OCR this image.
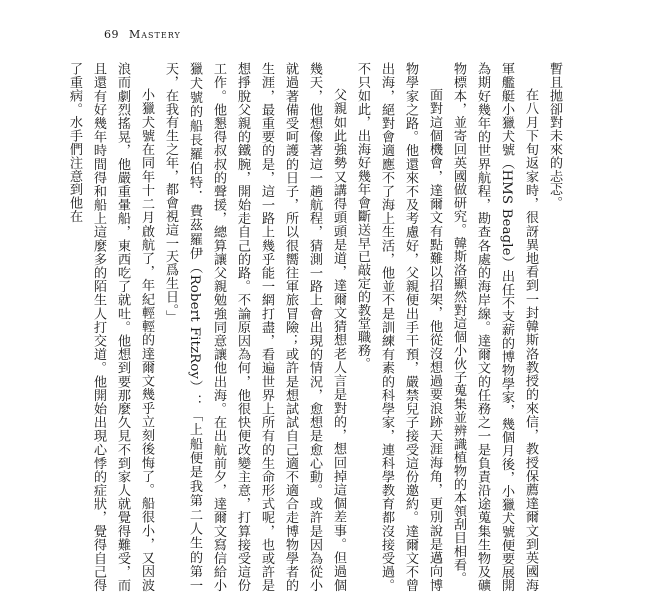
69 Mastery

暫且拋卻對未來的忐忑。

在八月下旬返家時，很訝異地看到一封韓斯洛教授的來信，教授保薦達爾文到英國海軍艦艇小獵犬號（HMS Beagle）出任不支薪的博物學家，幾個月後，小獵犬號便要展開為期好幾年的世界航程，勘查各處的海岸線。達爾文的任務之一是負責沿途蒐集生物及礦物標本，並寄回英國做研究。韓斯洛顯然對這個小伙子蒐集並辨識植物的本領刮目相看。

面對這個機會，達爾文有點難以招架，他從沒想過要浪跡天涯海角，更別說是邁向博物學家之路。他還來不及考慮好，父親便出手干預，嚴禁兒子接受這份邀約。達爾文不曾出海，絕對會適應不了海上生活，他並不是訓練有素的科學家，連科學教育都沒接受過。不只如此，出海好幾年會斷送早已敲定的教堂職務。

父親如此強勢又講得頭頭是道，達爾文猜想老人言是對的，想回掉這個差事。但過個幾天，他想像著這一趟航程，猜測一路上會出現的情況，愈想是愈心動。或許是因為從小就過著備受呵護的日子，所以很嚮往軍旅冒險；或許是想試試自己適不適合走博物學者的生涯，最重要的是，這一路上幾乎能一網打盡，看遍世界上所有的生命形式呢，也或許是想掙脫父親的鐵腕，開始走自己的路。不論原因為何，他很快便改變主意，打算接受這份工作。他懇得叔叔的聲援，總算讓父親勉強同意讓他出海。在出航前夕，達爾文寫信給小獵犬號的船長羅伯特．費茲羅伊（Robert FitzRoy）：「上船便是我第二人生的第一天，在我有生之年，都會視這一天爲生日。」

小獵犬號在同年十二月啟航了，年紀輕輕的達爾文幾乎立刻後悔了。船很小，又因波浪而劇烈搖晃，他嚴重暈船，東西吃了就吐。他想到要那麼久見不到家人就覺得難受，而且還有好幾年時間得和船上這麼多的陌生人打交道。他開始出現心悸的症狀，覺得自己得了重病。水手們注意到他在
